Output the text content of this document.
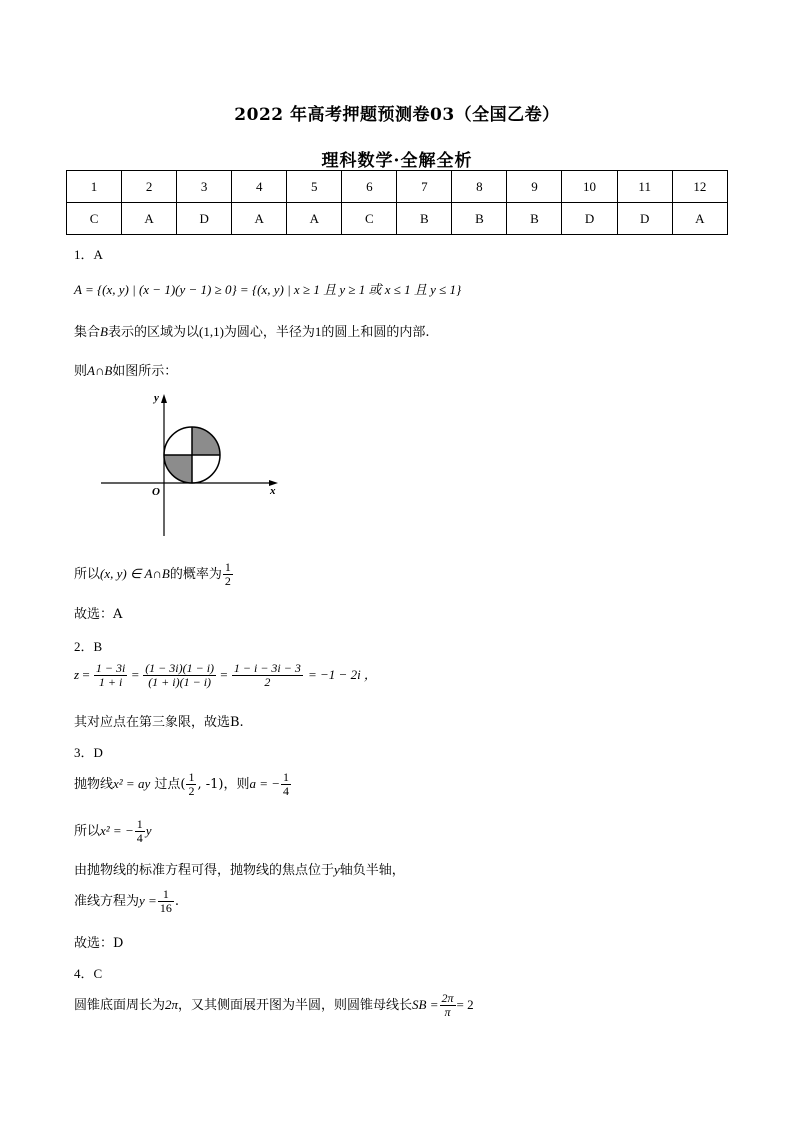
2022 年高考押题预测卷03（全国乙卷）
理科数学·全解全析
1	2	3	4	5	6	7	8	9	10	11	12
C	A	D	A	A	C	B	B	B	D	D	A
1．A
A = {(x, y) | (x − 1)(y − 1) ≥ 0} = {(x, y) | x ≥ 1 且 y ≥ 1 或 x ≤ 1 且 y ≤ 1}
集合B表示的区域为以(1,1)为圆心，半径为1的圆上和圆的内部.
则A∩B如图所示：
y
x
O
所以(x, y) ∈ A∩B的概率为 $\frac{1}{2}$
故选：A
2．B
$z = \frac{1 - 3i}{1 + i} = \frac{(1 - 3i)(1 - i)}{(1 + i)(1 - i)} = \frac{1 - i - 3i - 3}{2} = -1 - 2i$ ，
其对应点在第三象限，故选B.
3．D
抛物线x² = ay 过点( $\frac{1}{2}$ , -1)，则a = − $\frac{1}{4}$
所以x² = − $\frac{1}{4}$ y
由抛物线的标准方程可得，抛物线的焦点位于y轴负半轴，
准线方程为$y = \frac{1}{16}$ .
故选：D
4．C
圆锥底面周长为2π，又其侧面展开图为半圆，则圆锥母线长SB = $\frac{2\pi}{\pi} = 2$
